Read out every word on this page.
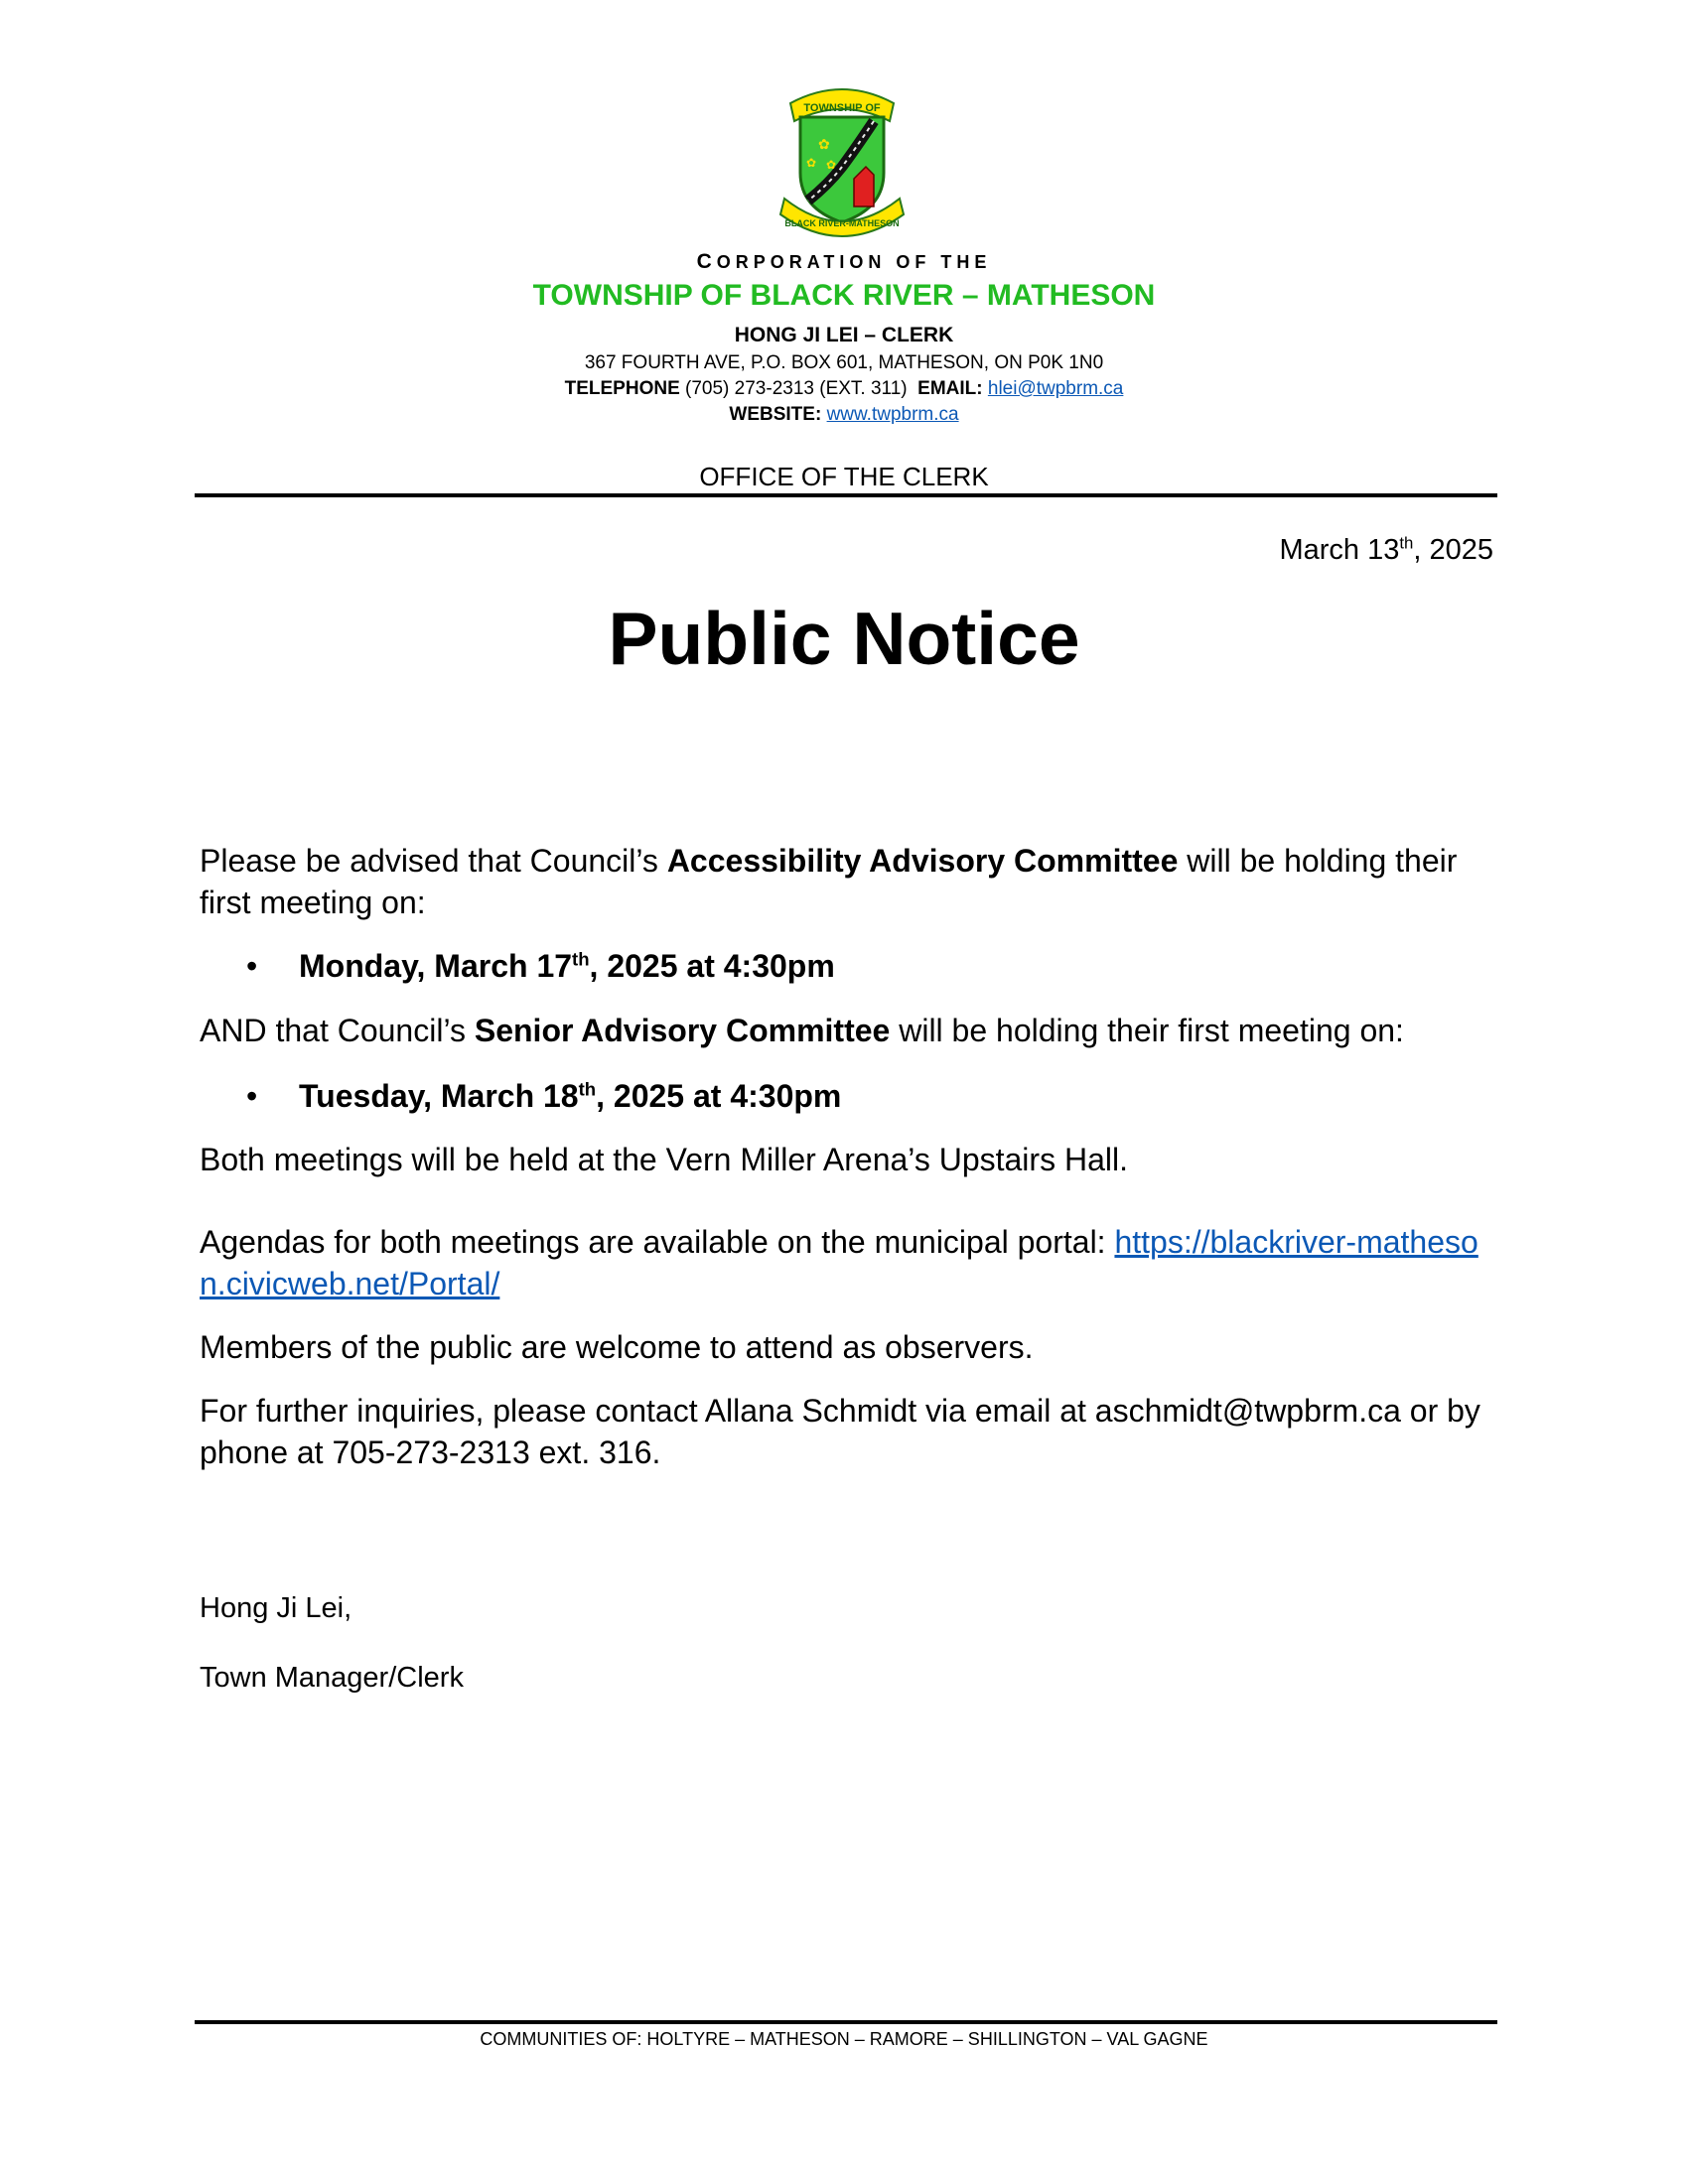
TOWNSHIP OF
✿
✿ ✿
BLACK RIVER-MATHESON
CORPORATION OF THE
TOWNSHIP OF BLACK RIVER – MATHESON
HONG JI LEI – CLERK
367 FOURTH AVE, P.O. BOX 601, MATHESON, ON P0K 1N0
TELEPHONE (705) 273-2313 (EXT. 311)  EMAIL: hlei@twpbrm.ca
WEBSITE: www.twpbrm.ca
OFFICE OF THE CLERK
March 13th, 2025
Public Notice
Please be advised that Council’s Accessibility Advisory Committee will be holding their first meeting on:
• Monday, March 17th, 2025 at 4:30pm
AND that Council’s Senior Advisory Committee will be holding their first meeting on:
• Tuesday, March 18th, 2025 at 4:30pm
Both meetings will be held at the Vern Miller Arena’s Upstairs Hall.
Agendas for both meetings are available on the municipal portal: https://blackriver-matheson.civicweb.net/Portal/
Members of the public are welcome to attend as observers.
For further inquiries, please contact Allana Schmidt via email at aschmidt@twpbrm.ca or by phone at 705-273-2313 ext. 316.
Hong Ji Lei,
Town Manager/Clerk
COMMUNITIES OF: HOLTYRE – MATHESON – RAMORE – SHILLINGTON – VAL GAGNE
